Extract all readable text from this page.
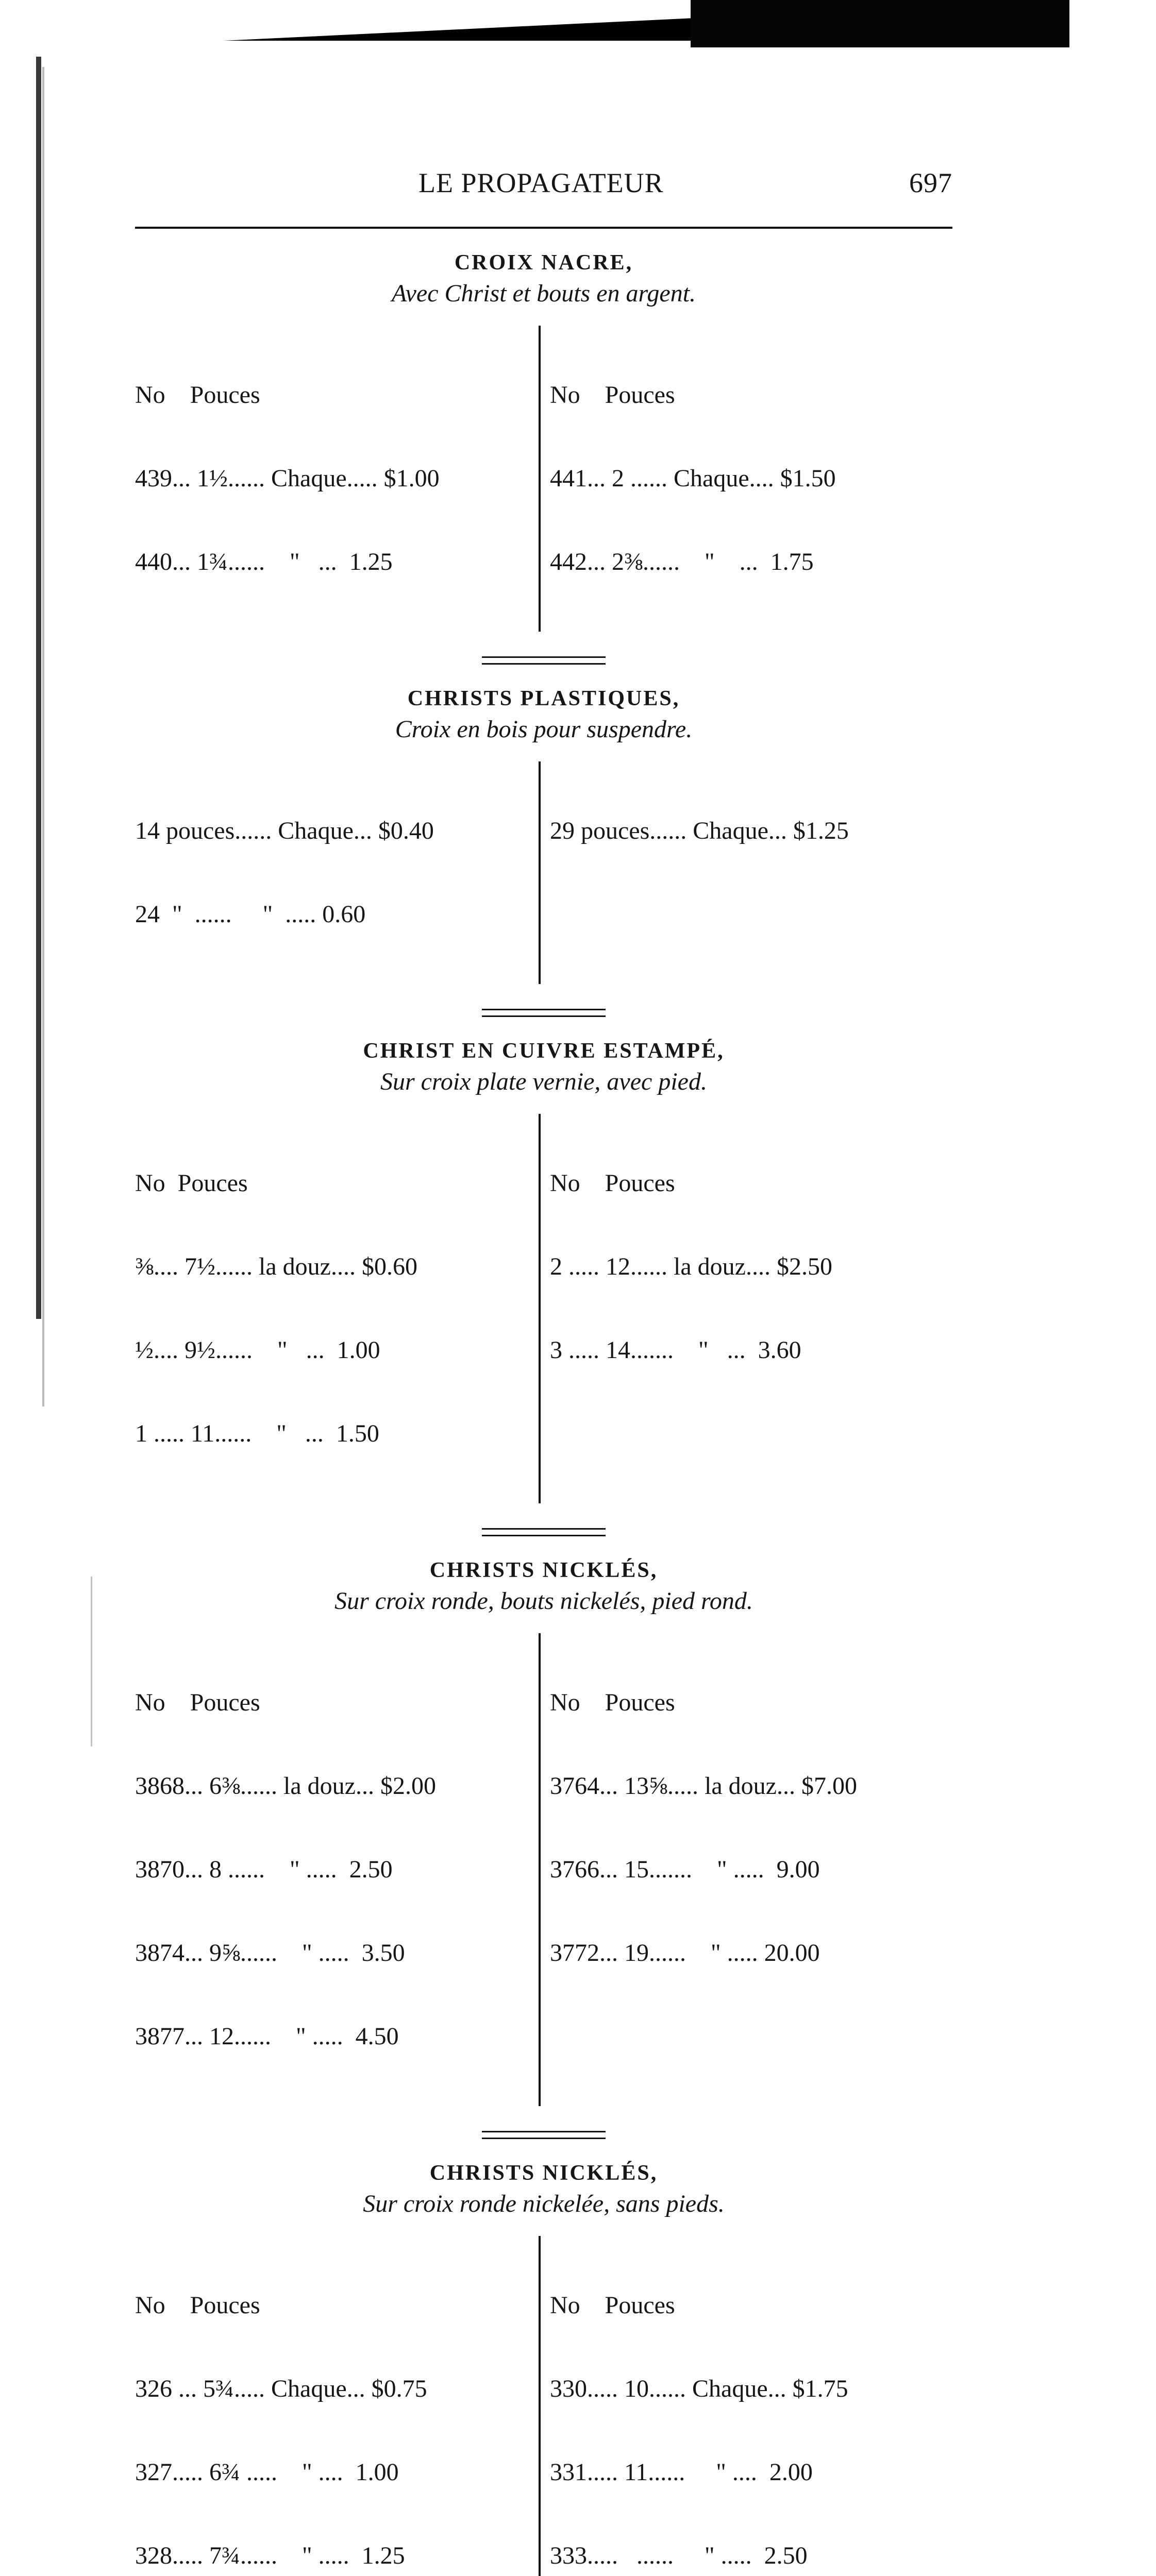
LE PROPAGATEUR	697
CROIX NACRE,
Avec Christ et bouts en argent.

No    Pouces

439... 1½...... Chaque..... $1.00

440... 1¾......    "   ...  1.25

No    Pouces

441... 2 ...... Chaque.... $1.50

442... 2⅜......    "    ...  1.75

CHRISTS PLASTIQUES,
Croix en bois pour suspendre.

14 pouces...... Chaque... $0.40

24  "  ......     "  ..... 0.60

29 pouces...... Chaque... $1.25

CHRIST EN CUIVRE ESTAMPÉ,
Sur croix plate vernie, avec pied.

No  Pouces

⅜.... 7½...... la douz.... $0.60

½.... 9½......    "   ...  1.00

1 ..... 11......    "   ...  1.50

No    Pouces

2 ..... 12...... la douz.... $2.50

3 ..... 14.......    "   ...  3.60

CHRISTS NICKLÉS,
Sur croix ronde, bouts nickelés, pied rond.

No    Pouces

3868... 6⅜...... la douz... $2.00

3870... 8 ......    " .....  2.50

3874... 9⅝......    " .....  3.50

3877... 12......    " .....  4.50

No    Pouces

3764... 13⅝..... la douz... $7.00

3766... 15.......    " .....  9.00

3772... 19......    " ..... 20.00

CHRISTS NICKLÉS,
Sur croix ronde nickelée, sans pieds.

No    Pouces

326 ... 5¾..... Chaque... $0.75

327..... 6¾ .....    " ....  1.00

328..... 7¾......    " .....  1.25

No    Pouces

330..... 10...... Chaque... $1.75

331..... 11......     " ....  2.00

333.....   ......     " .....  2.50
